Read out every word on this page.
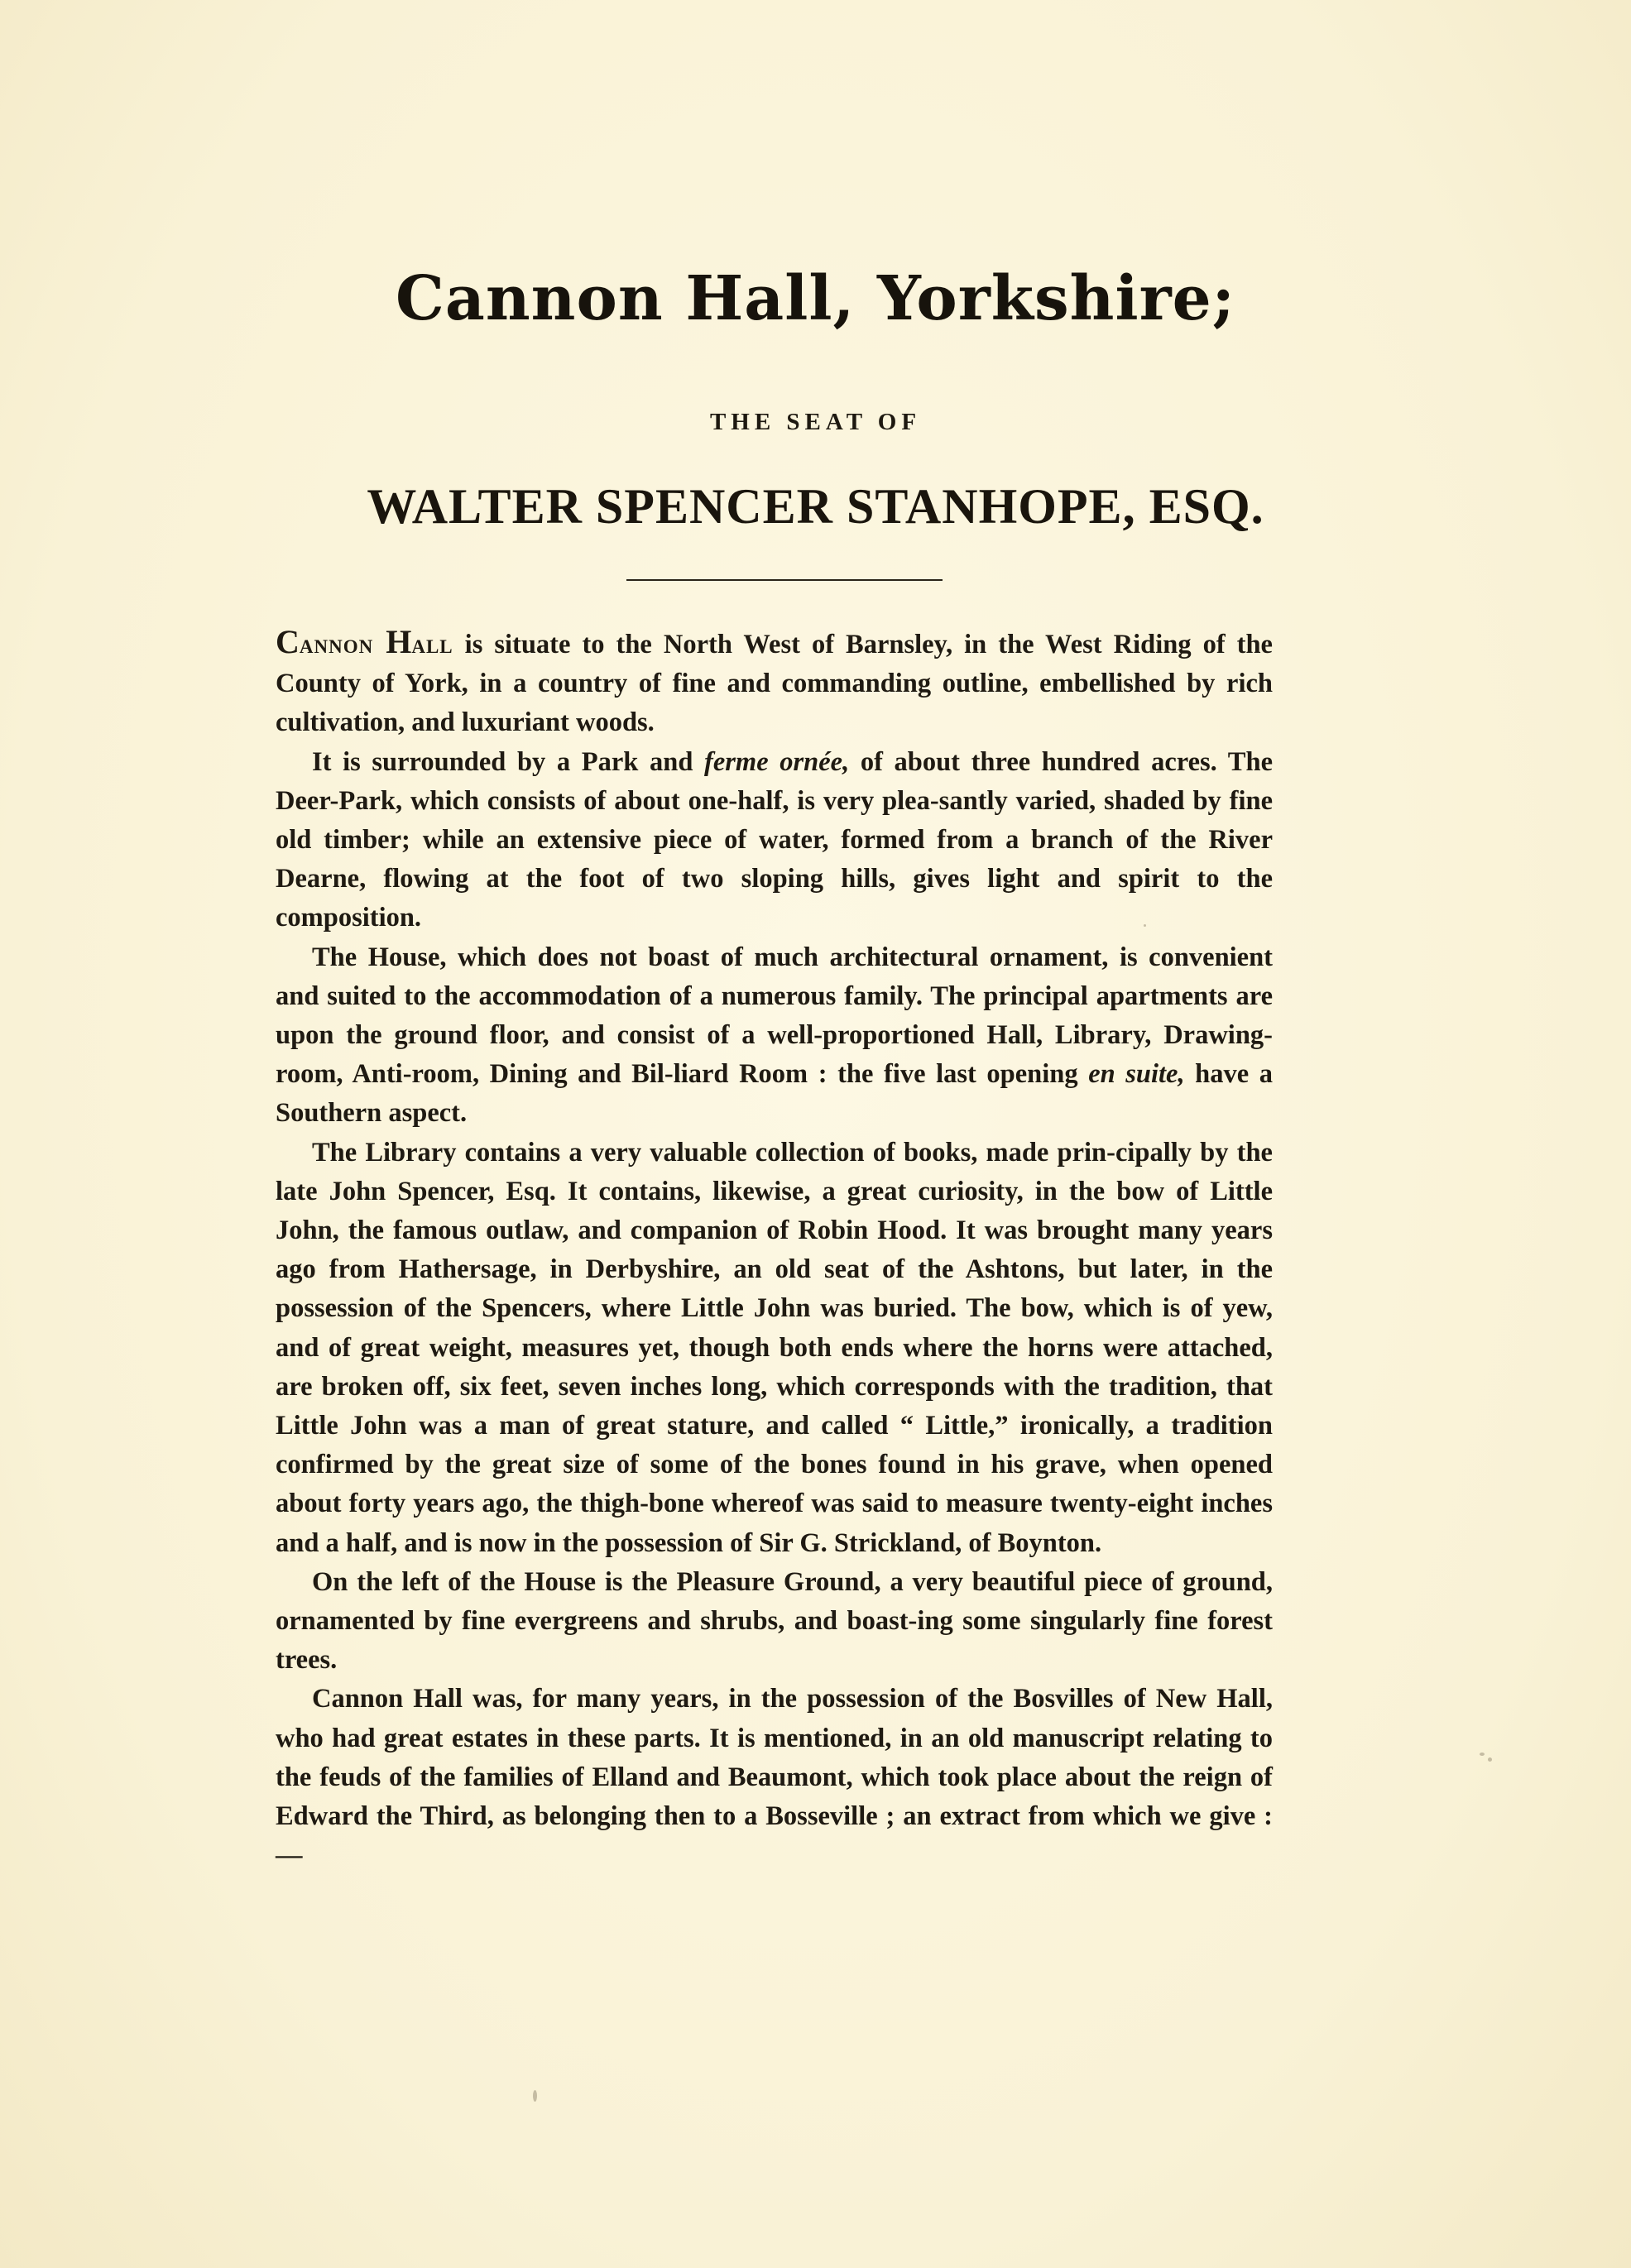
Cannon Hall, Yorkshire;
THE SEAT OF
WALTER SPENCER STANHOPE, ESQ.

Cannon Hall is situate to the North West of Barnsley, in the West Riding of the County of York, in a country of fine and commanding outline, embellished by rich cultivation, and luxuriant woods.

It is surrounded by a Park and ferme ornée, of about three hundred acres. The Deer-Park, which consists of about one-half, is very plea-santly varied, shaded by fine old timber; while an extensive piece of water, formed from a branch of the River Dearne, flowing at the foot of two sloping hills, gives light and spirit to the composition.

The House, which does not boast of much architectural ornament, is convenient and suited to the accommodation of a numerous family. The principal apartments are upon the ground floor, and consist of a well-proportioned Hall, Library, Drawing-room, Anti-room, Dining and Bil-liard Room : the five last opening en suite, have a Southern aspect.

The Library contains a very valuable collection of books, made prin-cipally by the late John Spencer, Esq. It contains, likewise, a great curiosity, in the bow of Little John, the famous outlaw, and companion of Robin Hood. It was brought many years ago from Hathersage, in Derbyshire, an old seat of the Ashtons, but later, in the possession of the Spencers, where Little John was buried. The bow, which is of yew, and of great weight, measures yet, though both ends where the horns were attached, are broken off, six feet, seven inches long, which corresponds with the tradition, that Little John was a man of great stature, and called “ Little,” ironically, a tradition confirmed by the great size of some of the bones found in his grave, when opened about forty years ago, the thigh-bone whereof was said to measure twenty-eight inches and a half, and is now in the possession of Sir G. Strickland, of Boynton.

On the left of the House is the Pleasure Ground, a very beautiful piece of ground, ornamented by fine evergreens and shrubs, and boast-ing some singularly fine forest trees.

Cannon Hall was, for many years, in the possession of the Bosvilles of New Hall, who had great estates in these parts. It is mentioned, in an old manuscript relating to the feuds of the families of Elland and Beaumont, which took place about the reign of Edward the Third, as belonging then to a Bosseville ; an extract from which we give :—
